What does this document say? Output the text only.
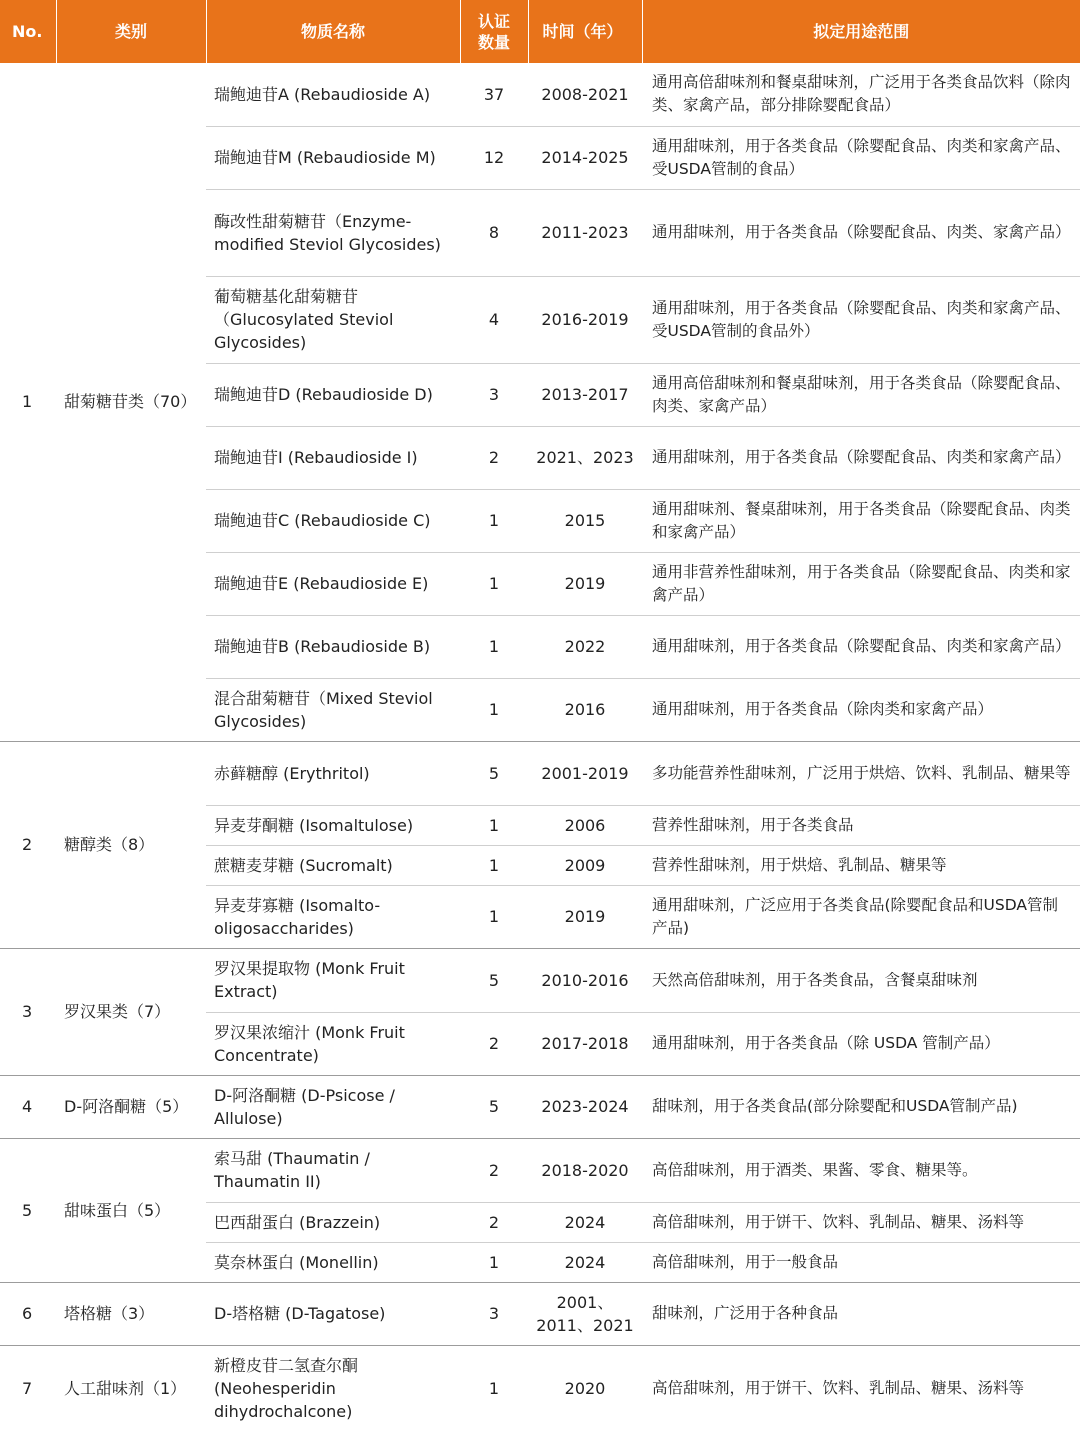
No.	类别	物质名称	认证数量	时间（年）	拟定用途范围
1	甜菊糖苷类（70）	瑞鲍迪苷A (Rebaudioside A)	37	2008-2021	通用高倍甜味剂和餐桌甜味剂，广泛用于各类食品饮料（除肉类、家禽产品，部分排除婴配食品）
		瑞鲍迪苷M (Rebaudioside M)	12	2014-2025	通用甜味剂，用于各类食品（除婴配食品、肉类和家禽产品、受USDA管制的食品）
		酶改性甜菊糖苷（Enzyme-modified Steviol Glycosides)	8	2011-2023	通用甜味剂，用于各类食品（除婴配食品、肉类、家禽产品）
		葡萄糖基化甜菊糖苷（Glucosylated Steviol Glycosides)	4	2016-2019	通用甜味剂，用于各类食品（除婴配食品、肉类和家禽产品、受USDA管制的食品外）
		瑞鲍迪苷D (Rebaudioside D)	3	2013-2017	通用高倍甜味剂和餐桌甜味剂，用于各类食品（除婴配食品、肉类、家禽产品）
		瑞鲍迪苷I (Rebaudioside I)	2	2021、2023	通用甜味剂，用于各类食品（除婴配食品、肉类和家禽产品）
		瑞鲍迪苷C (Rebaudioside C)	1	2015	通用甜味剂、餐桌甜味剂，用于各类食品（除婴配食品、肉类和家禽产品）
		瑞鲍迪苷E (Rebaudioside E)	1	2019	通用非营养性甜味剂，用于各类食品（除婴配食品、肉类和家禽产品）
		瑞鲍迪苷B (Rebaudioside B)	1	2022	通用甜味剂，用于各类食品（除婴配食品、肉类和家禽产品）
		混合甜菊糖苷（Mixed Steviol Glycosides)	1	2016	通用甜味剂，用于各类食品（除肉类和家禽产品）
2	糖醇类（8）	赤藓糖醇 (Erythritol)	5	2001-2019	多功能营养性甜味剂，广泛用于烘焙、饮料、乳制品、糖果等
		异麦芽酮糖 (Isomaltulose)	1	2006	营养性甜味剂，用于各类食品
		蔗糖麦芽糖 (Sucromalt)	1	2009	营养性甜味剂，用于烘焙、乳制品、糖果等
		异麦芽寡糖 (Isomalto-oligosaccharides)	1	2019	通用甜味剂，广泛应用于各类食品(除婴配食品和USDA管制产品)
3	罗汉果类（7）	罗汉果提取物 (Monk Fruit Extract)	5	2010-2016	天然高倍甜味剂，用于各类食品，含餐桌甜味剂
		罗汉果浓缩汁 (Monk Fruit Concentrate)	2	2017-2018	通用甜味剂，用于各类食品（除 USDA 管制产品）
4	D-阿洛酮糖（5）	D-阿洛酮糖 (D-Psicose / Allulose)	5	2023-2024	甜味剂，用于各类食品(部分除婴配和USDA管制产品)
5	甜味蛋白（5）	索马甜 (Thaumatin / Thaumatin II)	2	2018-2020	高倍甜味剂，用于酒类、果酱、零食、糖果等。
		巴西甜蛋白 (Brazzein)	2	2024	高倍甜味剂，用于饼干、饮料、乳制品、糖果、汤料等
		莫奈林蛋白 (Monellin)	1	2024	高倍甜味剂，用于一般食品
6	塔格糖（3）	D-塔格糖 (D-Tagatose)	3	2001、2011、2021	甜味剂，广泛用于各种食品
7	人工甜味剂（1）	新橙皮苷二氢查尔酮 (Neohesperidin dihydrochalcone)	1	2020	高倍甜味剂，用于饼干、饮料、乳制品、糖果、汤料等
